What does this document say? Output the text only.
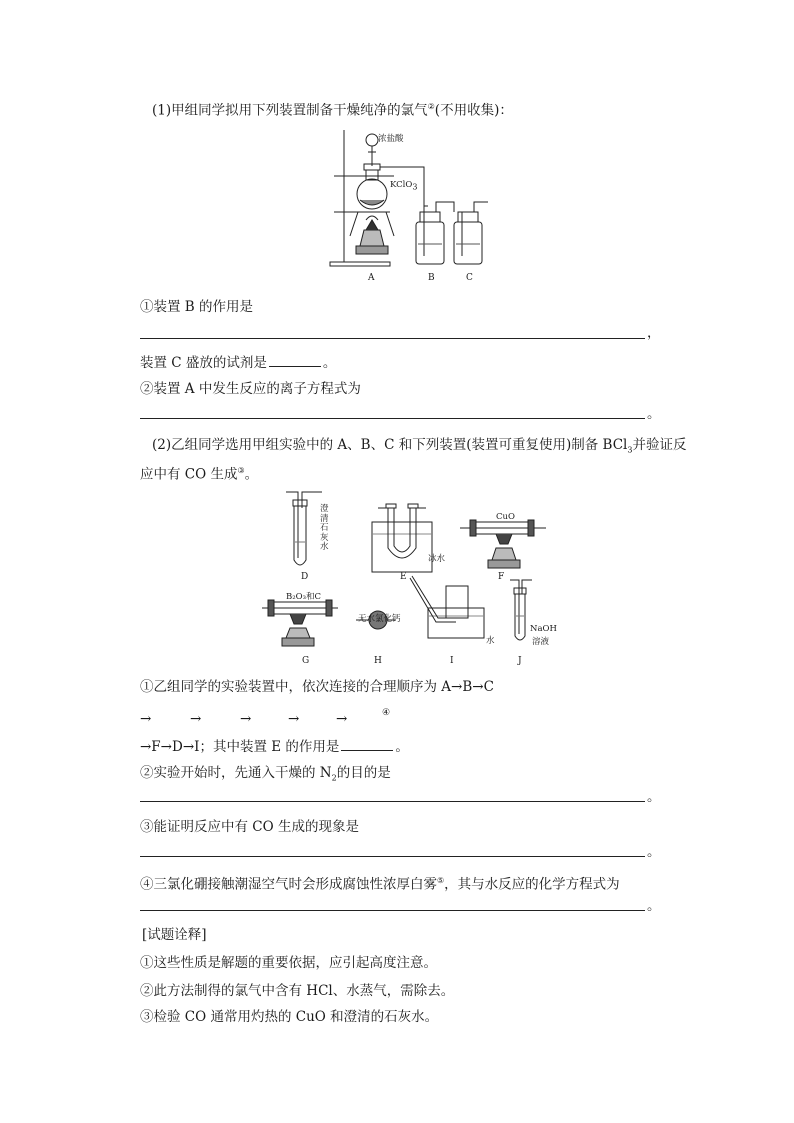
(1)甲组同学拟用下列装置制备干燥纯净的氯气②(不用收集)：
浓盐酸
KClO3
A	B	C
①装置 B 的作用是
，
装置 C 盛放的试剂是	。
②装置 A 中发生反应的离子方程式为
。
(2)乙组同学选用甲组实验中的 A、B、C 和下列装置(装置可重复使用)制备 BCl$_3$并验证反
应中有 CO 生成③。
澄
清
石
灰
水
冰水
CuO
B₂O₃和C
无水氯化钙
水
NaOH
溶液
D	E	F
G	H	I	J
①乙组同学的实验装置中，依次连接的合理顺序为 A→B→C
→	→	→	→	→	④
→F→D→I；其中装置 E 的作用是	。
②实验开始时，先通入干燥的 $N_2$的目的是
。
③能证明反应中有 CO 生成的现象是
。
④三氯化硼接触潮湿空气时会形成腐蚀性浓厚白雾⑤，其与水反应的化学方程式为
。
[试题诠释]
①这些性质是解题的重要依据，应引起高度注意。
②此方法制得的氯气中含有 HCl、水蒸气，需除去。
③检验 CO 通常用灼热的 CuO 和澄清的石灰水。
